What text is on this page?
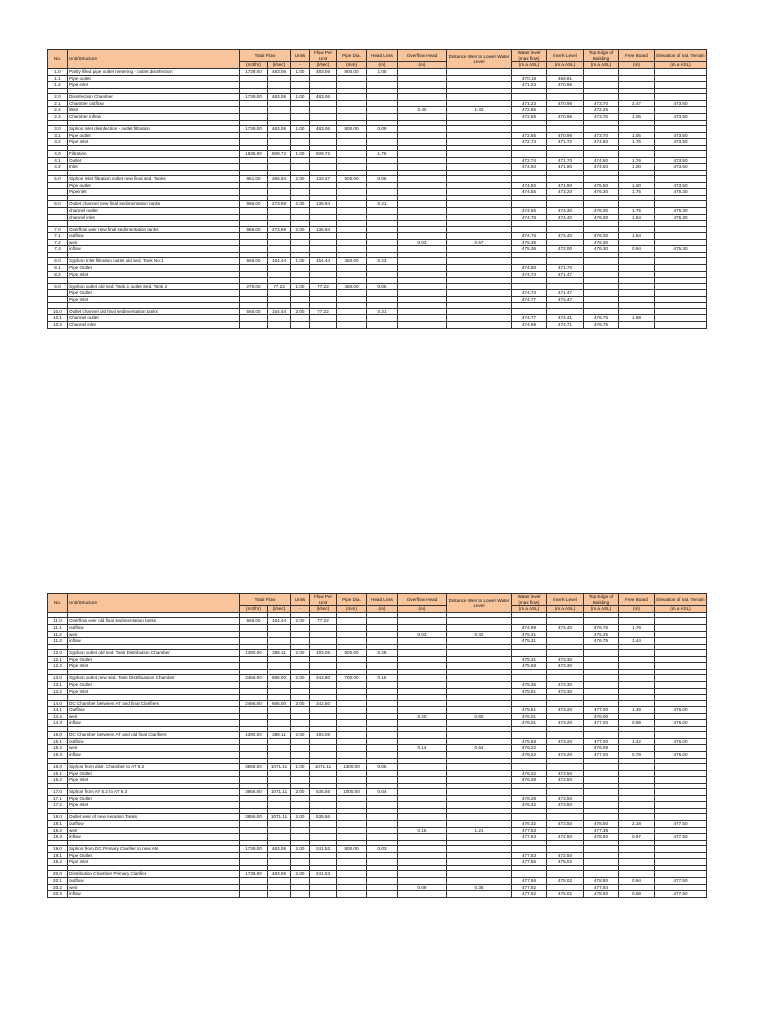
No.	Unit/Structure	Total Flow		Units	Flow Per Unit	Pipe Dia.	Head Loss	Overflow Head	Distance Weir to Lower Water Level	Water level (max flow)	Invert Level	Top Edge of Building	Free Board	Elevation of nat. Terrain
		(m3/hr)	(l/sec)	-	(l/sec)	(mm)	(m)	(m)		(m a ASL)	(m a ASL)	(m a ASL)	(m)	(m a ASL)
1.0	Partly filled pipe outlet metering - outlet disinfection	1739.00	483.06	1.00	483.06	800.00	1.05							
1.1	Pipe outlet									470.18	469.91			
1.2	Pipe inlet									471.23	470.96			

2.0	Disinfection Chamber	1739.00	483.06	1.00	483.06									
2.1	Chamber outflow									471.23	470.96	473.70	2.47	473.50
2.2	Weir							0.40	1.42	472.65		472.25		
2.3	Chamber inflow									472.65	470.96	473.70	1.05	473.50

3.0	Siphon inlet disinfection - outlet filtration	1739.00	483.06	1.00	483.06	800.00	0.09							
3.1	Pipe outlet									472.65	470.96	473.70	1.05	473.50
3.2	Pipe Inlet									472.74	471.70	474.50	1.76	473.50

4.0	Filtration	1835.00	509.72	1.00	509.72		1.76							
4.1	Outlet									472.74	471.70	474.50	1.76	473.50
4.2	Inlet									474.50	471.90	474.50	1.00	473.50

5.0	Siphon Inlet filtration outlet new final sed. Tanks	961.00	266.94	2.00	133.47	500.00	0.05							
	Pipe outlet									474.50	471.90	475.50	1.00	473.50
	Pipeinlet									474.55	473.20	476.30	1.75	475.30

6.0	Outlet channel new final sedimentation tanks	986.00	273.89	2.00	136.94		0.21							
	channel outlet									474.55	474.30	476.30	1.75	475.30
	channel inlet									474.76	474.40	476.30	1.54	475.30

7.0	Overflow weir new final sedimentation tanks	986.00	273.89	2.00	136.94									
7.1	outflow									474.76	474.40	476.30	1.54	
7.2	weir							0.03	0.57	475.36		476.30		
7.3	inflow									475.36	472.00	476.30	0.94	475.30

8.0	Syphon Inlet filtration outlet old sed. Tank No.1	556.00	154.44	1.00	154.44	450.00	0.22							
8.1	Pipe Outlet									474.50	471.70			
8.2	Pipe Inlet									474.73	471.47			

9.0	Syphon outlet old sed. Tank.1 outlet Sed. Tank 2	278.00	77.22	1.00	77.22	450.00	0.05							
	Pipe Outlet									474.73	471.47			
	Pipe Inlet									474.77	472.47			

10.0	Outlet channel old final sedimentation tanks	556.00	154.44	2.00	77.22		0.21							
10.1	Channel outlet									474.77	474.41	476.75	1.98	
10.2	Channel inlet									474.99	474.71	476.75		
No.	Unit/Structure	Total Flow		Units	Flow Per Unit	Pipe Dia.	Head Loss	Overflow Head	Distance Weir to Lower Water Level	Water level (max flow)	Invert Level	Top Edge of Building	Free Board	Elevation of nat. Terrain
		(m3/hr)	(l/sec)	-	(l/sec)	(mm)	(m)	(m)		(m a ASL)	(m a ASL)	(m a ASL)	(m)	(m a ASL)

11.0	Overflow weir old final sedimentation tanks	556.00	154.44	2.00	77.22									
11.1	outflow									474.99	474.40	476.75	1.76	
11.2	weir							0.03	0.32	475.31		475.25		
11.3	inflow									475.31		476.75	1.44	

12.0	Syphon outlet old sed. Tank Distribution Chamber	1390.00	386.11	2.00	193.06	500.00	0.28							
12.1	Pipe Outlet									475.31	473.30			
12.2	Pipe Inlet									475.58	473.30			

13.0	Syphon outlet new sed. Tank Distributuion Chamber	2466.00	685.00	2.00	342.50	700.00	0.15							
13.1	Pipe Outlet									475.36	473.30			
13.2	Pipe Inlet									475.51	473.30			

14.0	DC Chamber between AT and final Clarifiers	2466.00	685.00	2.00	342.50									
14.1	Outflow									475.51	473.20	477.00	1.49	476.00
14.2	weir							0.20	0.50	476.01		476.00		
14.3	inflow									476.01	473.20	477.00	0.99	476.00

15.0	DC Chamber between AT and old final Clarifiers	1390.00	386.11	2.00	193.06									
15.1	outflow									475.58	473.20	477.00	1.42	476.00
15.2	weir							0.14	0.64	476.22		476.09		
15.3	inflow									476.22	473.20	477.00	0.78	476.00

16.0	Siphon from distr. Chamber to AT 6.2	3856.00	1071.11	1.00	1071.11	1300.00	0.05							
16.1	Pipe Outlet									476.22	473.50			
16.2	Pipe Inlet									476.28	473.50			

17.0	Siphon from AT 6.2 to AT 6.3	3856.00	1071.11	2.00	535.56	1000.00	0.04							
17.1	Pipe Outlet									476.28	473.50			
17.2	Pipe Inlet									476.32	473.50			

18.0	Outlet weir of new Aeration Tanks	3856.00	1071.11	2.00	535.56									
18.1	outflow									476.32	473.50	478.50	2.18	477.50
18.2	weir							0.15	1.21	477.53		477.38		
18.3	inflow									477.53	472.50	478.50	0.97	477.50

19.0	Siphon from DC Primary Clarifier to new Ats	1739.00	483.06	2.00	241.53	800.00	0.03							
19.1	Pipe Outlet									477.53	472.50			
19.2	Pipe Inlet									477.56	475.02			

20.0	Distribution Chamber Primary Clarifier	1739.00	483.06	2.00	241.53									
20.1	outflow									477.56	475.02	478.50	0.94	477.50
20.2	weir							0.09	0.36	477.92		477.84		
20.3	inflow									477.92	475.02	478.50	0.58	477.50
